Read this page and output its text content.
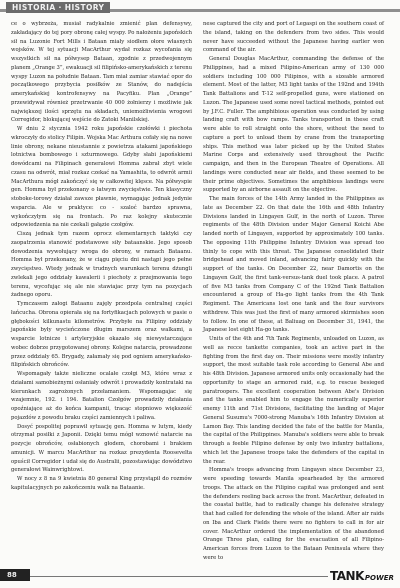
HISTORIA · HISTORY

ce o wybrzeża, musiał radykalnie zmienić plan defensywy, zakładający do tej pory obronę całej wyspy. Po nałożeniu japońskich sił na Luzonie Fort Mills i Bataan miały siodłem ołore własnych wojsków. W tej sytuacji MacArthur wydał rozkaz wycofania się wszystkich sił na półwysep Bataan, zgodnie z przedwojennym planem „Orange 3”, ewakuacji sil filipińsko-amerykańskich z terenu wyspy Luzon na południe Bataan. Tam miał zamiar stawiać opor do początkowego przybycia posiłków ze Stanów, do nadejścia amerykańskiej kontrofensywy na Pacyfiku. Plan „Orange” przewidywał również przetrwanie 40 000 żołnierzy i możliwie jak największej ilości sprzętu na składach, uniemożliwienia wrogowi Corregidor, blokującej wejście do Zatoki Manilskiej.

W dniu 2 stycznia 1942 roku japońskie czołówki i piechota wkroczyły do stolicy Filipin. Wojska Mac Arthura cofały się na nowe linie obrony, nekane nieustannie z powietrza atakami japońskiego lotnictwa bombowego i szturmowego. Gdyby słabi japońskiemi dowódcami na Filipinach generalowi Homma zabrał zbyt wiele czasu na odwrót, miał rozkaz czekać na Yamashita, to odwrót armii MacArthura mógł zakończyć się w całkowitej klęsce. Na półwyspie gen. Homma był przekonany o łatwym zwycięstwie. Ten klasyczny stoboke-torowy działał zawsze pławnie, wymagając jednak jedynie wsparcia. Ale w praktyce: co - szaloć bardzo sprawna, wykończyłym się na frontach. Po raz kolejny skutecznie odpowiedzenia na nie czekali gałązie czołgów.

Ciszą jednak tym razem oprocz elementarnych taktyki czy zaopatrzenia stanowić podstawowe siły bataanskie. Jego sposob dowodzenia wywołujący wroga do obrony, w ramach Bataanu. Homma był przekonany, że w ciągu pięciu dni nastąpi jego pełne zwycięstwo. Wtedy jednak w trudnych warunkach terenu dżungli zwlekali jego oddziały kawalerii i piechoty z przejmowania tego terenu, wycofując się ale nie stawiajac przy tym na pozycjach żadnego oporu.

Tymczasem załogi Bataanu zajęły przedpola centralnej części łańcucha. Obrona opierała się na fortyfikacjach polowych w pasie o głębokości kilkunastu kilometrów. Przybyłe na Filipiny oddziały japońskie były wycieńczone długim marszem oraz walkami, a wsparcie lotnicze i artyleryjskie okazało się niewystarczające wobec dobrze przygotowanej obrony. Kolejne natarcia, prowadzone przez oddziały 65. Brygady, załamały się pod ogniem amerykańsko-filipińskich obrońców.

Wspomagały także nieliczne ocalałe czołgi M3, które wraz z działami samobieżnymi osłaniały odwrót i prowadziły kontrataki na kierunkach zagrożonych przełamaniem. Wspomagajac się wzajemnie, 192. i 194. Batalion Czołgów prowadziły działania opoźniające aż do końca kampanii, tracąc stopniowo większość pojazdów z powodu braku części zamiennych i paliwa.

Dosyć pospolitej poprawił sytuację gen. Homma w lutym, kiedy otrzymał posiłki z Japonii. Dzięki temu mógł wznowić natarcie na pozycje obrońców, osłabionych głodem, chorobami i brakiem amunicji. W marcu MacArthur na rozkaz prezydenta Roosevelta opuścił Corregidor i udał się do Australii, pozostawiając dowództwo generałowi Wainwrightowi.

W nocy z 8 na 9 kwietnia 80 generał King przystąpił do rozmów kapitulacyjnych po zakończeniu walk na Bataanie.

nese captured the city and port of Legaspi on the southern coast of the island, taking on the defenders from two sides. This would never have succeeded without the Japanese having earlier won command of the air.

General Douglas MacArthur, commanding the defense of the Philippines, had a mixed Filipino-American army of 130 000 soldiers including 100 000 Filipinos, with a sizeable armored element. Most of the latter, M3 light tanks of the 192nd and 194th Tank Battalions and T-12 self-propelled guns, were stationed on Luzon. The Japanese used some novel tactical methods, pointed out by J.F.C. Fuller. The amphibious operation was conducted by using landing craft with bow ramps. Tanks transported in these craft were able to roll straight onto the shore, without the need to capture a port to unload them by crane from the transporting ships. This method was later picked up by the United States Marine Corps and extensively used throughout the Pacific campaign, and then in the European Theatre of Operations. All landings were conducted near air fields, and these seemed to be their prime objectives. Sometimes the amphibious landings were supported by an airborne assault on the objective.

The main forces of the 14th Army landed in the Philippines as late as December 22. On that date the 16th and 48th Infantry Divisions landed in Lingayen Gulf, in the north of Luzon. Three regiments of the 48th Division under Major General Koichi Abe landed north of Lingayen, supported by approximately 100 tanks. The opposing 11th Philippine Infantry Division was spread too thinly to cope with this threat. The Japanese consolidated their bridgehead and moved inland, advancing fairly quickly with the support of the tanks. On December 22, near Damortis on the Lingayen Gulf, the first tank-versus-tank duel took place. A patrol of five M3 tanks from Company C of the 192nd Tank Battalion encountered a group of Ha-go light tanks from the 4th Tank Regiment. The Americans lost one tank and the four survivors withdrew. This was just the first of many armored skirmishes soon to follow. In one of these, at Baliuag on December 31, 1941, the Japanese lost eight Ha-go tanks.

Units of the 4th and 7th Tank Regiments, unloaded on Luzon, as well as recce tankette companies, took an active part in the fighting from the first day on. Their missions were mostly infantry support, the most suitable task role according to General Abe and his 48th Division. Japanese armored units only occasionally had the opportunity to stage an armored raid, e.g. to rescue besieged paratroopers. The excellent cooperation between Abe's Division and the tanks enabled him to engage the numerically superior enemy 11th and 71st Divisions, facilitating the landing of Major General Susumu's 7000-strong Manuba's 16th Infantry Division at Lamon Bay. This landing decided the fate of the battle for Manila, the capital of the Philippines. Manuba's soldiers were able to break through a feeble Filipino defense by only two infantry battalions, which let the Japanese troops take the defenders of the capital in the rear.

Homma's troops advancing from Lingayen since December 23, were speeding towards Manila spearheaded by the armored troops. The attack on the Filipino capital was prolonged and sent the defenders reeling back across the front. MacArthur, defeated in the coastal battle, had to radically change his defensive strategy that had called for defending the whole of the island. After air raids on Iba and Clark Fields there were no fighters to call in for air cover. MacArthur ordered the implementation of the abandoned Orange Three plan, calling for the evacuation of all Filipino-American forces from Luzon to the Bataan Peninsula where they were to

88	TANKPOWER
